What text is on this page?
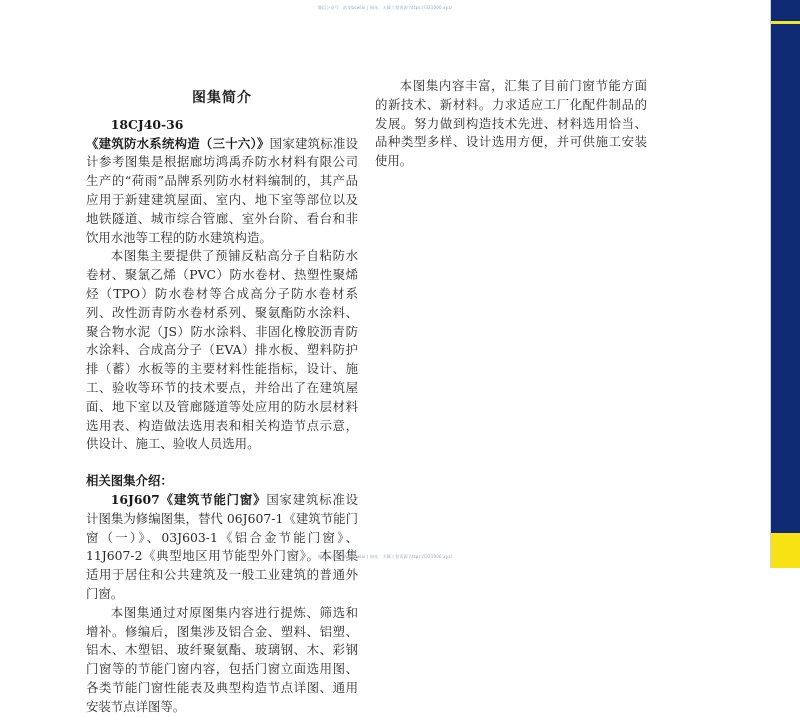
微信公众号：筑龙bowlai | 网站：天籁工程资源 https://321000.xyz/
图集简介

18CJ40-36《建筑防水系统构造（三十六）》国家建筑标准设计参考图集是根据廊坊鸿禹乔防水材料有限公司生产的“荷雨”品牌系列防水材料编制的，其产品应用于新建建筑屋面、室内、地下室等部位以及地铁隧道、城市综合管廊、室外台阶、看台和非饮用水池等工程的防水建筑构造。

本图集主要提供了预铺反粘高分子自粘防水卷材、聚氯乙烯（PVC）防水卷材、热塑性聚烯烃（TPO）防水卷材等合成高分子防水卷材系列、改性沥青防水卷材系列、聚氨酯防水涂料、聚合物水泥（JS）防水涂料、非固化橡胶沥青防水涂料、合成高分子（EVA）排水板、塑料防护排（蓄）水板等的主要材料性能指标，设计、施工、验收等环节的技术要点，并给出了在建筑屋面、地下室以及管廊隧道等处应用的防水层材料选用表、构造做法选用表和相关构造节点示意，供设计、施工、验收人员选用。

相关图集介绍：

16J607《建筑节能门窗》国家建筑标准设计图集为修编图集，替代 06J607-1《建筑节能门窗（一）》、03J603-1《铝合金节能门窗》、11J607-2《典型地区用节能型外门窗》。本图集适用于居住和公共建筑及一般工业建筑的普通外门窗。

本图集通过对原图集内容进行提炼、筛选和增补。修编后，图集涉及铝合金、塑料、铝塑、铝木、木塑铝、玻纤聚氨酯、玻璃钢、木、彩钢门窗等的节能门窗内容，包括门窗立面选用图、各类节能门窗性能表及典型构造节点详图、通用安装节点详图等。

本图集内容丰富，汇集了目前门窗节能方面的新技术、新材料。力求适应工厂化配件制品的发展。努力做到构造技术先进、材料选用恰当、品种类型多样、设计选用方便，并可供施工安装使用。

微信公众号：筑龙bowlai | 网站：天籁工程资源 https://321000.xyz/
